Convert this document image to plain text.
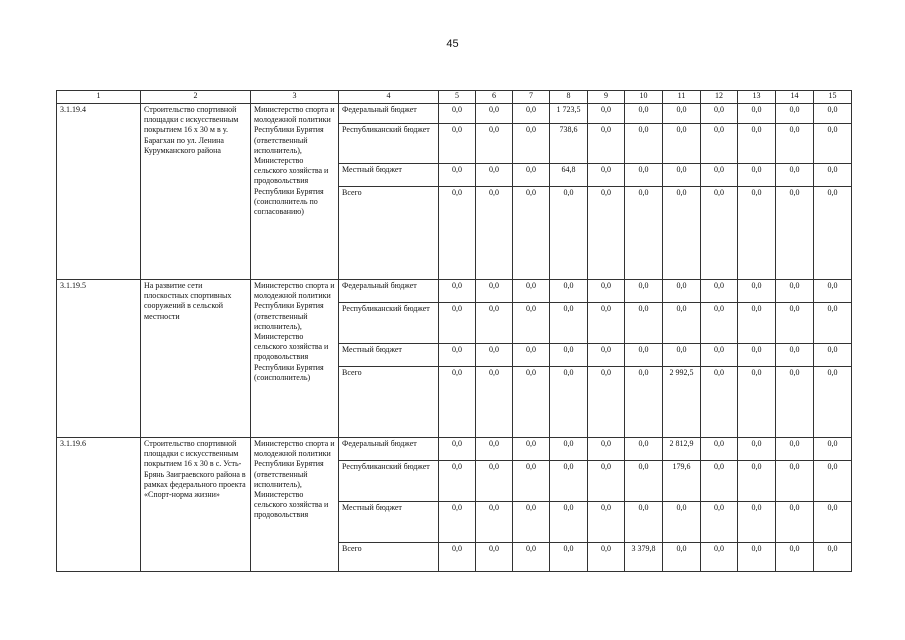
45
1	2	3	4	5	6	7	8	9	10	11	12	13	14	15
3.1.19.4	Строительство спортивной площадки с искусственным покрытием 16 х 30 м в у. Барагхан по ул. Ленина Курумканского района	Министерство спорта и молодежной политики Республики Бурятия (ответственный исполнитель), Министерство сельского хозяйства и продовольствия Республики Бурятия (соисполнитель по согласованию)	Федеральный бюджет	0,0	0,0	0,0	1 723,5	0,0	0,0	0,0	0,0	0,0	0,0	0,0
			Республиканский бюджет	0,0	0,0	0,0	738,6	0,0	0,0	0,0	0,0	0,0	0,0	0,0
			Местный бюджет	0,0	0,0	0,0	64,8	0,0	0,0	0,0	0,0	0,0	0,0	0,0
			Всего	0,0	0,0	0,0	0,0	0,0	0,0	0,0	0,0	0,0	0,0	0,0
3.1.19.5	На развитие сети плоскостных спортивных сооружений в сельской местности	Министерство спорта и молодежной политики Республики Бурятия (ответственный исполнитель), Министерство сельского хозяйства и продовольствия Республики Бурятия (соисполнитель)	Федеральный бюджет	0,0	0,0	0,0	0,0	0,0	0,0	0,0	0,0	0,0	0,0	0,0
			Республиканский бюджет	0,0	0,0	0,0	0,0	0,0	0,0	0,0	0,0	0,0	0,0	0,0
			Местный бюджет	0,0	0,0	0,0	0,0	0,0	0,0	0,0	0,0	0,0	0,0	0,0
			Всего	0,0	0,0	0,0	0,0	0,0	0,0	2 992,5	0,0	0,0	0,0	0,0
3.1.19.6	Строительство спортивной площадки с искусственным покрытием 16 х 30 в с. Усть-Брянь Заиграевского района в рамках федерального проекта «Спорт-норма жизни»	Министерство спорта и молодежной политики Республики Бурятия (ответственный исполнитель), Министерство сельского хозяйства и продовольствия	Федеральный бюджет	0,0	0,0	0,0	0,0	0,0	0,0	2 812,9	0,0	0,0	0,0	0,0
			Республиканский бюджет	0,0	0,0	0,0	0,0	0,0	0,0	179,6	0,0	0,0	0,0	0,0
			Местный бюджет	0,0	0,0	0,0	0,0	0,0	0,0	0,0	0,0	0,0	0,0	0,0
			Всего	0,0	0,0	0,0	0,0	0,0	3 379,8	0,0	0,0	0,0	0,0	0,0
